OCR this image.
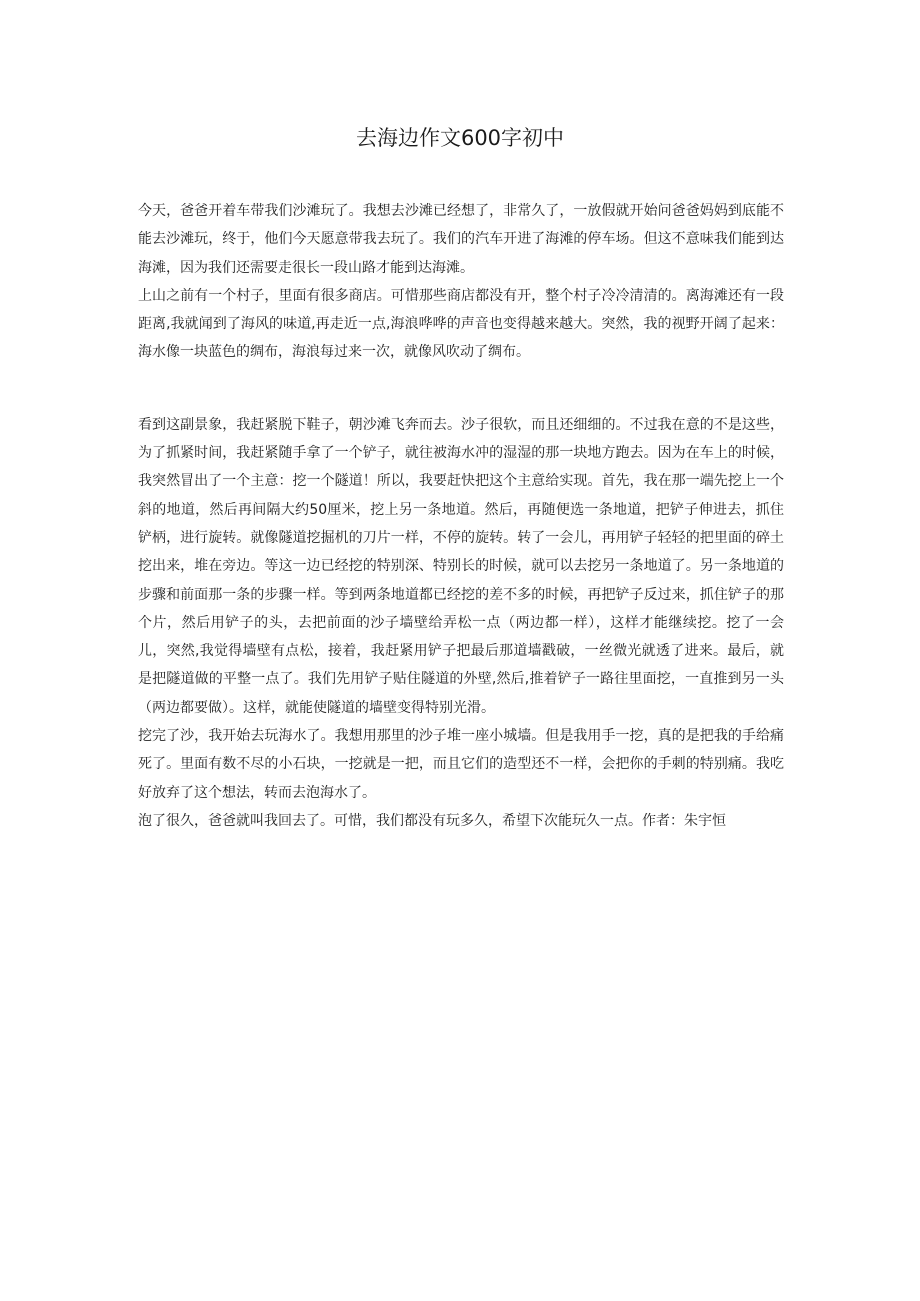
去海边作文600字初中

今天，爸爸开着车带我们沙滩玩了。我想去沙滩已经想了，非常久了，一放假就开始问爸爸妈妈到底能不能去沙滩玩，终于，他们今天愿意带我去玩了。我们的汽车开进了海滩的停车场。但这不意味我们能到达海滩，因为我们还需要走很长一段山路才能到达海滩。

上山之前有一个村子，里面有很多商店。可惜那些商店都没有开，整个村子冷冷清清的。离海滩还有一段距离,我就闻到了海风的味道,再走近一点,海浪哗哗的声音也变得越来越大。突然，我的视野开阔了起来：海水像一块蓝色的绸布，海浪每过来一次，就像风吹动了绸布。

看到这副景象，我赶紧脱下鞋子，朝沙滩飞奔而去。沙子很软，而且还细细的。不过我在意的不是这些，为了抓紧时间，我赶紧随手拿了一个铲子，就往被海水冲的湿湿的那一块地方跑去。因为在车上的时候，我突然冒出了一个主意：挖一个隧道！所以，我要赶快把这个主意给实现。首先，我在那一端先挖上一个斜的地道，然后再间隔大约50厘米，挖上另一条地道。然后，再随便选一条地道，把铲子伸进去，抓住铲柄，进行旋转。就像隧道挖掘机的刀片一样，不停的旋转。转了一会儿，再用铲子轻轻的把里面的碎土挖出来，堆在旁边。等这一边已经挖的特别深、特别长的时候，就可以去挖另一条地道了。另一条地道的步骤和前面那一条的步骤一样。等到两条地道都已经挖的差不多的时候，再把铲子反过来，抓住铲子的那个片，然后用铲子的头，去把前面的沙子墙壁给弄松一点（两边都一样），这样才能继续挖。挖了一会儿，突然,我觉得墙壁有点松，接着，我赶紧用铲子把最后那道墙戳破，一丝微光就透了进来。最后，就是把隧道做的平整一点了。我们先用铲子贴住隧道的外壁,然后,推着铲子一路往里面挖，一直推到另一头（两边都要做）。这样，就能使隧道的墙壁变得特别光滑。

挖完了沙，我开始去玩海水了。我想用那里的沙子堆一座小城墙。但是我用手一挖，真的是把我的手给痛死了。里面有数不尽的小石块，一挖就是一把，而且它们的造型还不一样，会把你的手刺的特别痛。我吃好放弃了这个想法，转而去泡海水了。

泡了很久，爸爸就叫我回去了。可惜，我们都没有玩多久，希望下次能玩久一点。作者：朱宇恒
